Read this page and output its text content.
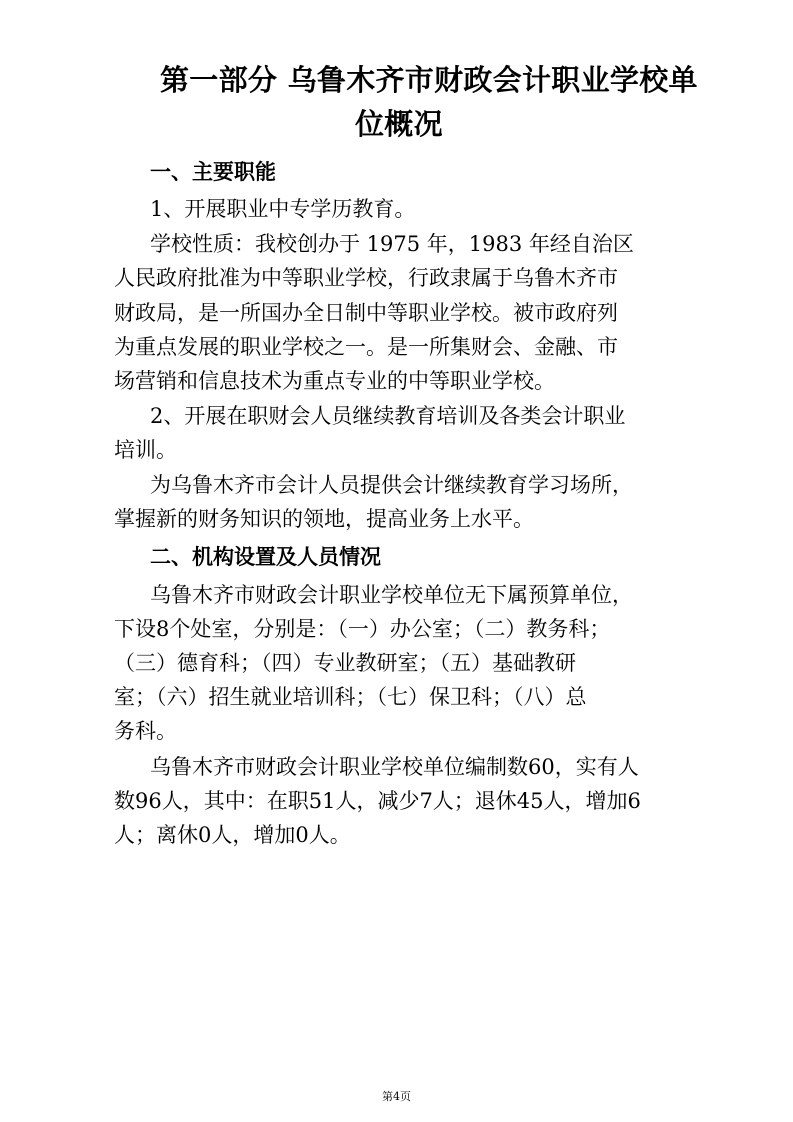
第一部分 乌鲁木齐市财政会计职业学校单
位概况
一、主要职能
1、开展职业中专学历教育。
学校性质：我校创办于 1975 年，1983 年经自治区
人民政府批准为中等职业学校，行政隶属于乌鲁木齐市
财政局，是一所国办全日制中等职业学校。被市政府列
为重点发展的职业学校之一。是一所集财会、金融、市
场营销和信息技术为重点专业的中等职业学校。
2、开展在职财会人员继续教育培训及各类会计职业
培训。
为乌鲁木齐市会计人员提供会计继续教育学习场所，
掌握新的财务知识的领地，提高业务上水平。
二、机构设置及人员情况
乌鲁木齐市财政会计职业学校单位无下属预算单位，
下设8个处室，分别是：（一）办公室；（二）教务科；
（三）德育科；（四）专业教研室；（五）基础教研
室；（六）招生就业培训科；（七）保卫科；（八）总
务科。
乌鲁木齐市财政会计职业学校单位编制数60，实有人
数96人，其中：在职51人，减少7人；退休45人，增加6
人；离休0人，增加0人。
第4页
